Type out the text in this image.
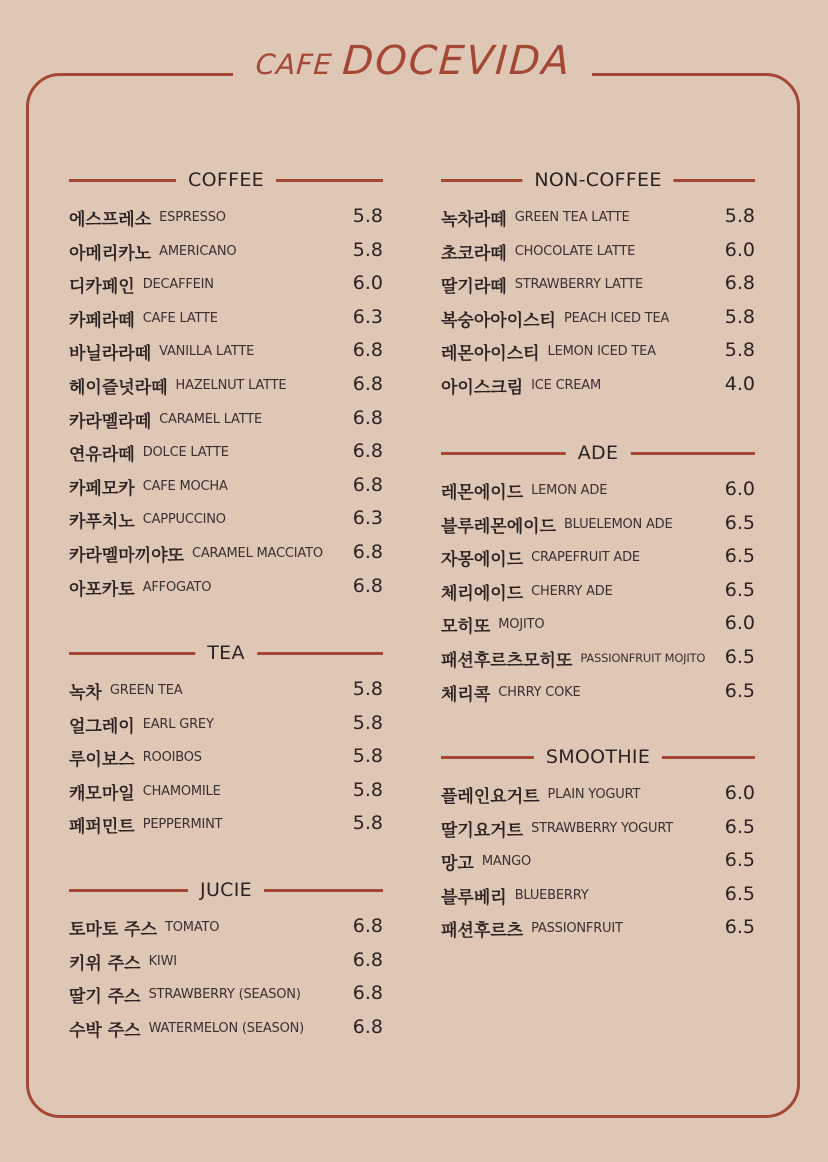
CAFE DOCEVIDA
COFFEE
에스프레소 ESPRESSO	5.8
아메리카노 AMERICANO	5.8
디카페인 DECAFFEIN	6.0
카페라떼 CAFE LATTE	6.3
바닐라라떼 VANILLA LATTE	6.8
헤이즐넛라떼 HAZELNUT LATTE	6.8
카라멜라떼 CARAMEL LATTE	6.8
연유라떼 DOLCE LATTE	6.8
카페모카 CAFE MOCHA	6.8
카푸치노 CAPPUCCINO	6.3
카라멜마끼야또 CARAMEL MACCIATO 6.8
아포카토 AFFOGATO	6.8
TEA
녹차 GREEN TEA	5.8
얼그레이 EARL GREY	5.8
루이보스 ROOIBOS	5.8
캐모마일 CHAMOMILE	5.8
페퍼민트 PEPPERMINT	5.8
JUCIE
토마토 주스 TOMATO	6.8
키위 주스 KIWI	6.8
딸기 주스 STRAWBERRY (SEASON)	6.8
수박 주스 WATERMELON (SEASON)	6.8
NON-COFFEE
녹차라떼 GREEN TEA LATTE	5.8
초코라떼 CHOCOLATE LATTE	6.0
딸기라떼 STRAWBERRY LATTE	6.8
복숭아아이스티 PEACH ICED TEA	5.8
레몬아이스티 LEMON ICED TEA	5.8
아이스크림 ICE CREAM	4.0
ADE
레몬에이드 LEMON ADE	6.0
블루레몬에이드 BLUELEMON ADE	6.5
자몽에이드 CRAPEFRUIT ADE	6.5
체리에이드 CHERRY ADE	6.5
모히또 MOJITO	6.0
패션후르츠모히또 PASSIONFRUIT MOJITO 6.5
체리콕 CHRRY COKE	6.5
SMOOTHIE
플레인요거트 PLAIN YOGURT	6.0
딸기요거트 STRAWBERRY YOGURT	6.5
망고 MANGO	6.5
블루베리 BLUEBERRY	6.5
패션후르츠 PASSIONFRUIT	6.5
